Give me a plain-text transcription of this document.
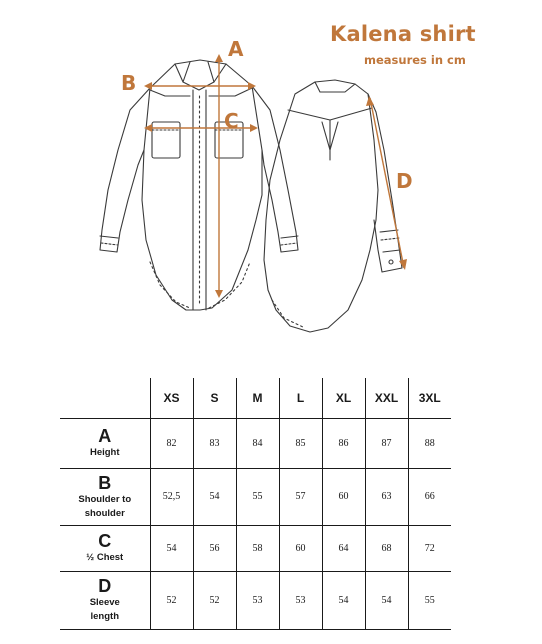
Kalena shirt
measures in cm
A
B
C
D
	XS	S	M	L	XL	XXL	3XL

A
Height	82	83	84	85	86	87	88

B
Shoulder to
shoulder	52,5	54	55	57	60	63	66

C
½ Chest	54	56	58	60	64	68	72

D
Sleeve
length	52	52	53	53	54	54	55
